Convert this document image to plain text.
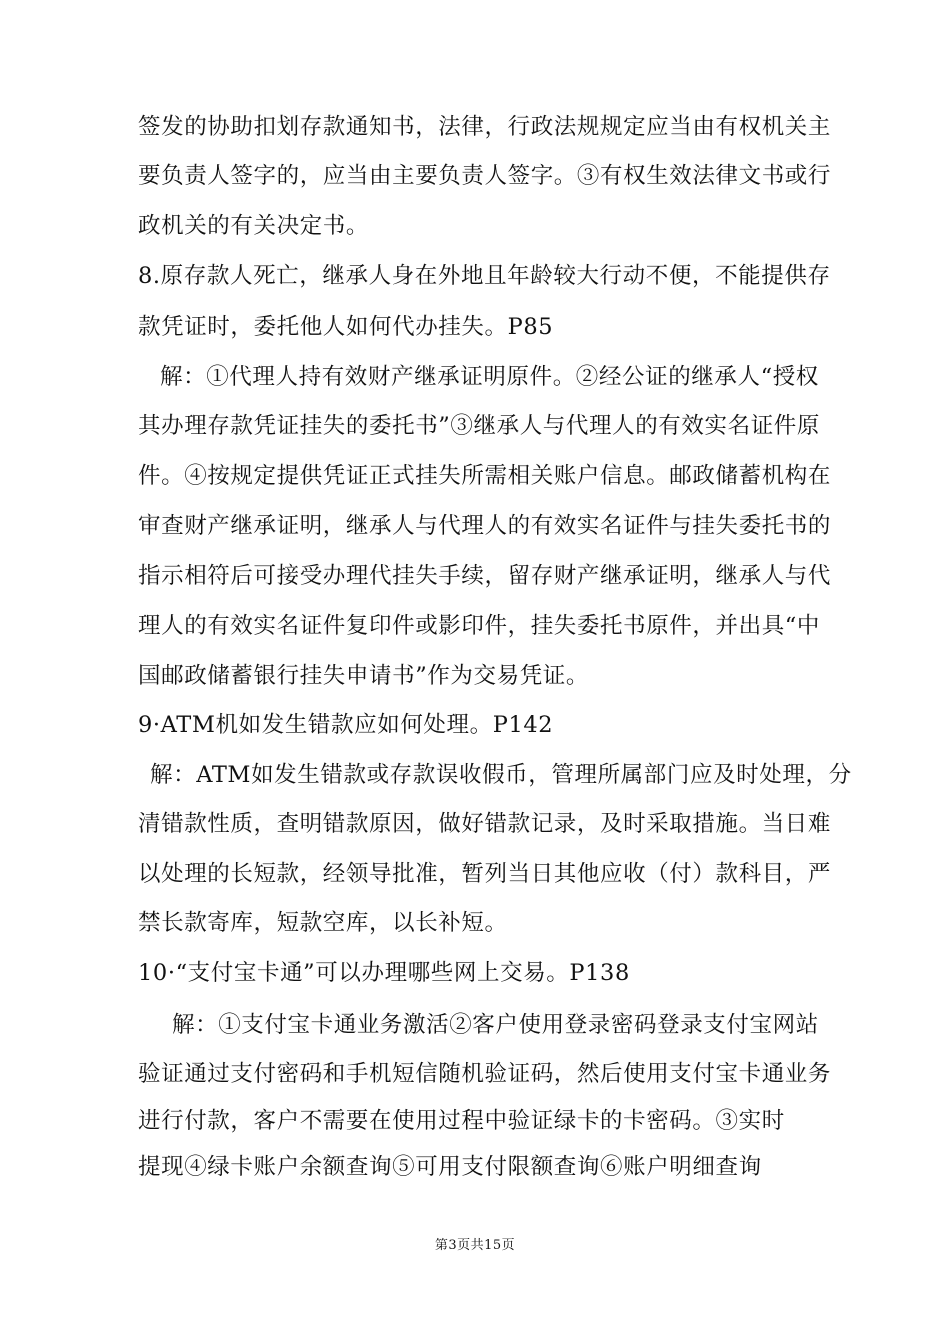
签发的协助扣划存款通知书，法律，行政法规规定应当由有权机关主
要负责人签字的，应当由主要负责人签字。③有权生效法律文书或行
政机关的有关决定书。
8.原存款人死亡，继承人身在外地且年龄较大行动不便，不能提供存
款凭证时，委托他人如何代办挂失。P85
解：①代理人持有效财产继承证明原件。②经公证的继承人“授权
其办理存款凭证挂失的委托书”③继承人与代理人的有效实名证件原
件。④按规定提供凭证正式挂失所需相关账户信息。邮政储蓄机构在
审查财产继承证明，继承人与代理人的有效实名证件与挂失委托书的
指示相符后可接受办理代挂失手续，留存财产继承证明，继承人与代
理人的有效实名证件复印件或影印件，挂失委托书原件，并出具“中
国邮政储蓄银行挂失申请书”作为交易凭证。
9·ATM机如发生错款应如何处理。P142
解：ATM如发生错款或存款误收假币，管理所属部门应及时处理，分
清错款性质，查明错款原因，做好错款记录，及时采取措施。当日难
以处理的长短款，经领导批准，暂列当日其他应收（付）款科目，严
禁长款寄库，短款空库，以长补短。
10·“支付宝卡通”可以办理哪些网上交易。P138
解：①支付宝卡通业务激活②客户使用登录密码登录支付宝网站
验证通过支付密码和手机短信随机验证码，然后使用支付宝卡通业务
进行付款，客户不需要在使用过程中验证绿卡的卡密码。③实时
提现④绿卡账户余额查询⑤可用支付限额查询⑥账户明细查询
第3页共15页
